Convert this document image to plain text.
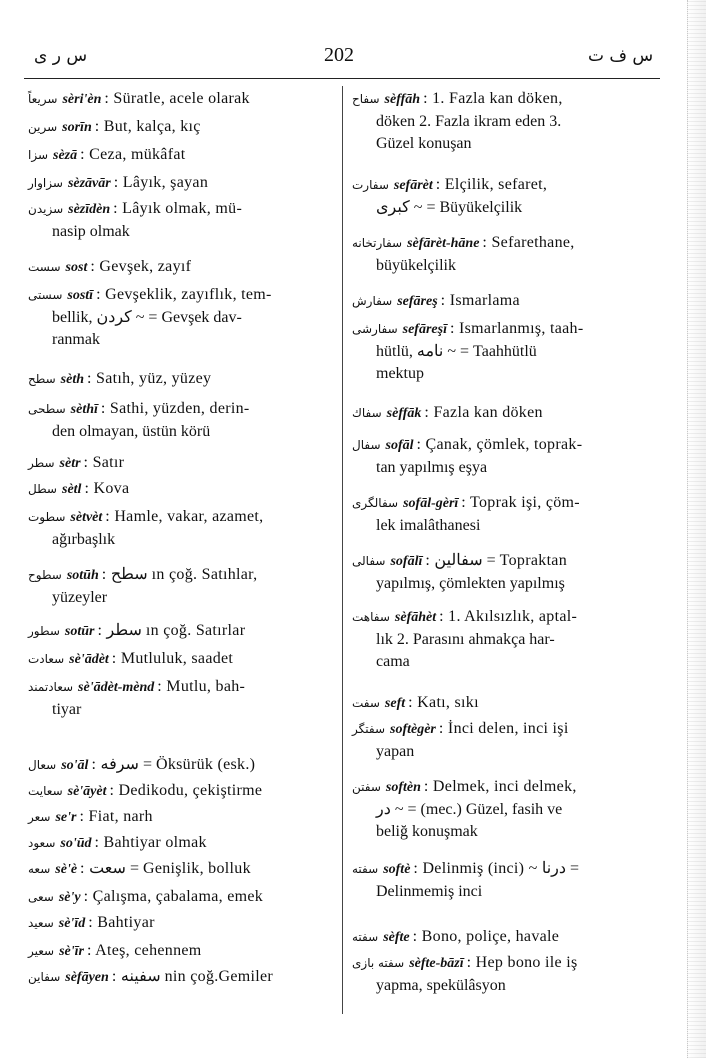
س ر ی	202	س ف ت
سريعاً sèri'èn : Süratle, acele olarak
سرين sorīn : But, kalça, kıç
سزا sèzā : Ceza, mükâfat
سزاوار sèzāvār : Lâyık, şayan
سزيدن sèzīdèn : Lâyık olmak, mü-
nasip olmak
سست sost : Gevşek, zayıf
سستی sostī : Gevşeklik, zayıflık, tem-
bellik, کردن ~ = Gevşek dav-
ranmak
سطح sèth : Satıh, yüz, yüzey
سطحی sèthī : Sathi, yüzden, derin-
den olmayan, üstün körü
سطر sètr : Satır
سطل sètl : Kova
سطوت sètvèt : Hamle, vakar, azamet,
ağırbaşlık
سطوح sotūh : سطح ın çoğ. Satıhlar,
yüzeyler
سطور sotūr : سطر ın çoğ. Satırlar
سعادت sè'ādèt : Mutluluk, saadet
سعادتمند sè'ādèt-mènd : Mutlu, bah-
tiyar
سعال so'āl : سرفه = Öksürük (esk.)
سعايت sè'āyèt : Dedikodu, çekiştirme
سعر se'r : Fiat, narh
سعود so'ūd : Bahtiyar olmak
سعه sè'è : سعت = Genişlik, bolluk
سعی sè'y : Çalışma, çabalama, emek
سعيد sè'īd : Bahtiyar
سعير sè'īr : Ateş, cehennem
سفاين sèfāyen : سفينه nin çoğ.Gemiler
سفاح sèffāh : 1. Fazla kan döken,
döken 2. Fazla ikram eden 3.
Güzel konuşan
سفارت sefārèt : Elçilik, sefaret,
کبری ~ = Büyükelçilik
سفارتخانه sèfārèt-hāne : Sefarethane,
büyükelçilik
سفارش sefāreş : Ismarlama
سفارشی sefāreşī : Ismarlanmış, taah-
hütlü, نامه ~ = Taahhütlü
mektup
سفاك sèffāk : Fazla kan döken
سفال sofāl : Çanak, çömlek, toprak-
tan yapılmış eşya
سفالگری sofāl-gèrī : Toprak işi, çöm-
lek imalâthanesi
سفالی sofālī : سفالين = Topraktan
yapılmış, çömlekten yapılmış
سفاهت sèfāhèt : 1. Akılsızlık, aptal-
lık 2. Parasını ahmakça har-
cama
سفت seft : Katı, sıkı
سفتگر softègèr : İnci delen, inci işi
yapan
سفتن softèn : Delmek, inci delmek,
در ~ = (mec.) Güzel, fasih ve
beliğ konuşmak
سفته softè : Delinmiş (inci) ~ درنا =
Delinmemiş inci
سفته sèfte : Bono, poliçe, havale
سفته بازی sèfte-bāzī : Hep bono ile iş
yapma, spekülâsyon
